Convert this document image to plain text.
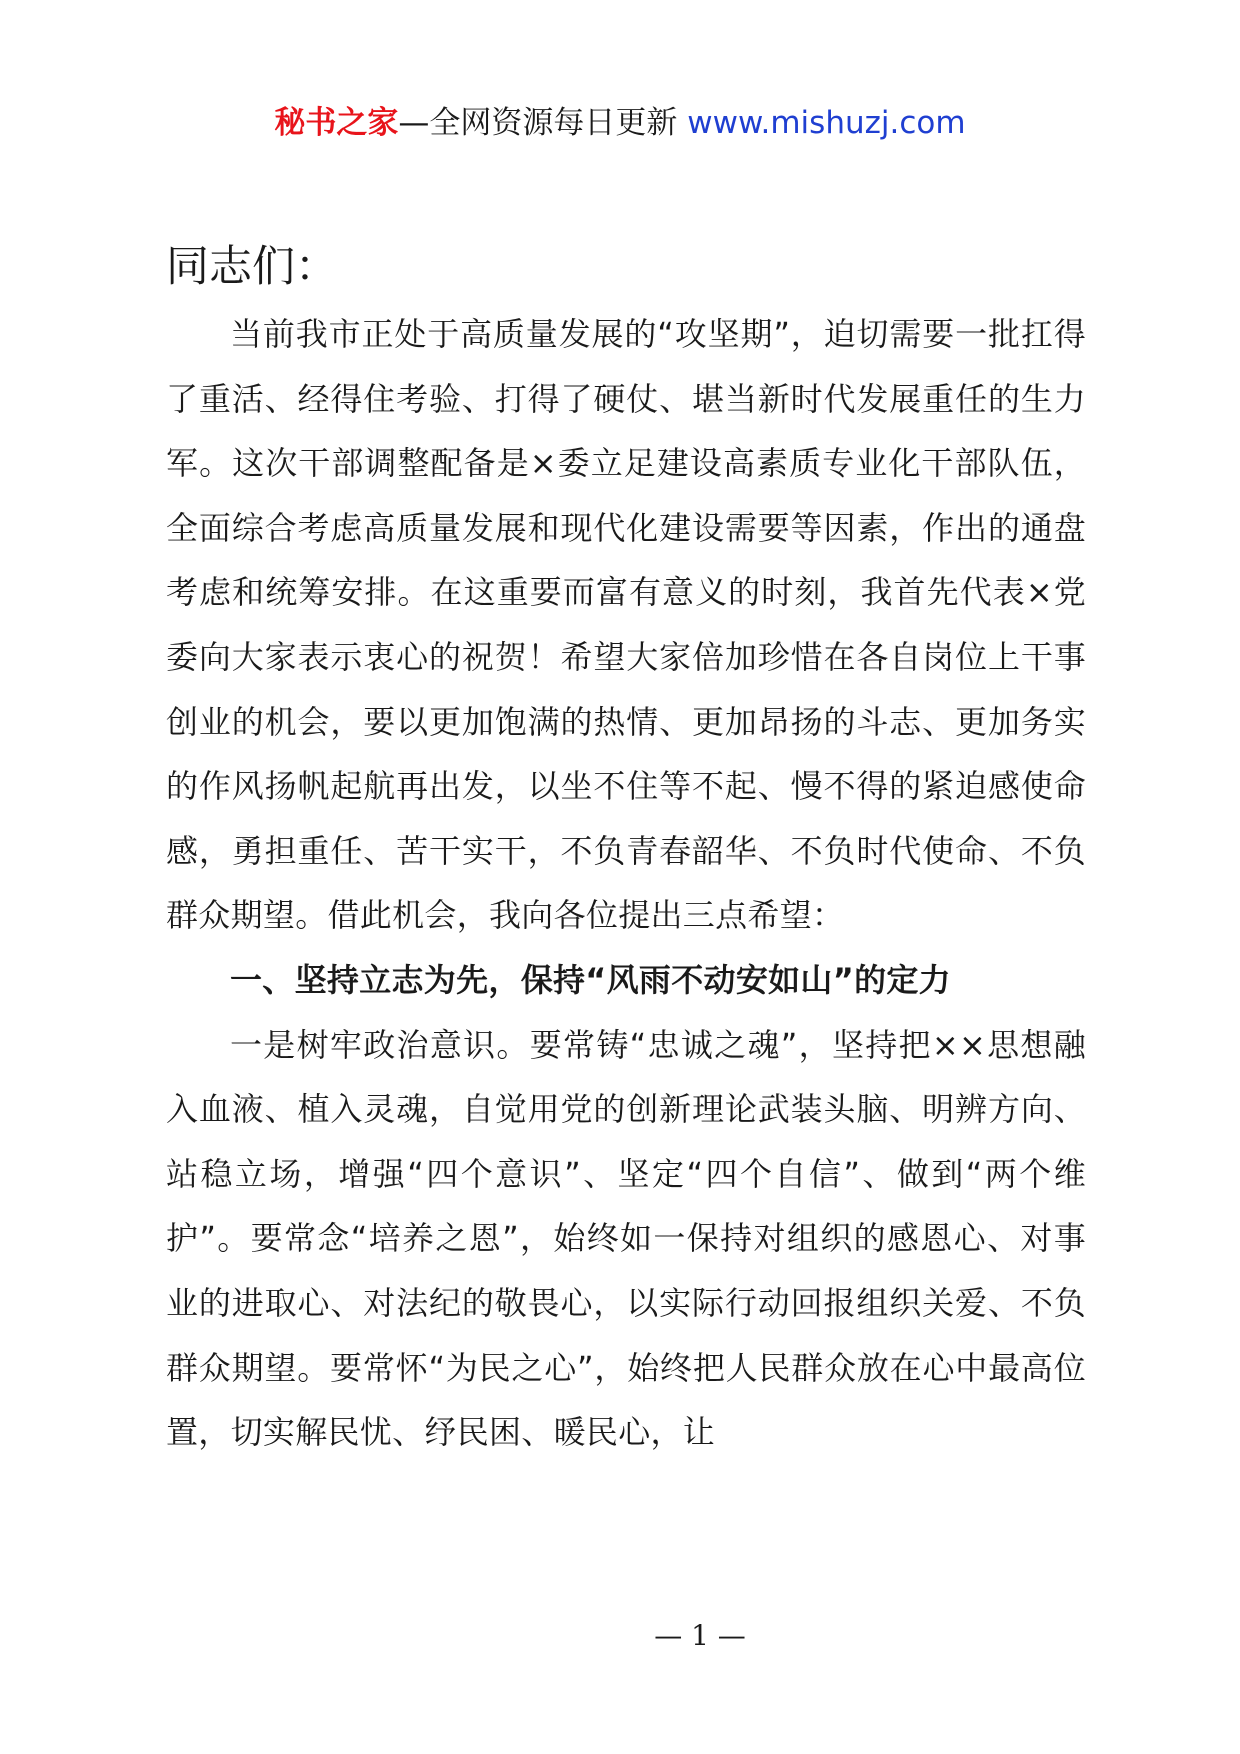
秘书之家—全网资源每日更新 www.mishuzj.com
同志们：

当前我市正处于高质量发展的“攻坚期”，迫切需要一批扛得了重活、经得住考验、打得了硬仗、堪当新时代发展重任的生力军。这次干部调整配备是×委立足建设高素质专业化干部队伍，全面综合考虑高质量发展和现代化建设需要等因素，作出的通盘考虑和统筹安排。在这重要而富有意义的时刻，我首先代表×党委向大家表示衷心的祝贺！希望大家倍加珍惜在各自岗位上干事创业的机会，要以更加饱满的热情、更加昂扬的斗志、更加务实的作风扬帆起航再出发，以坐不住等不起、慢不得的紧迫感使命感，勇担重任、苦干实干，不负青春韶华、不负时代使命、不负群众期望。借此机会，我向各位提出三点希望：

一、坚持立志为先，保持“风雨不动安如山”的定力

一是树牢政治意识。要常铸“忠诚之魂”，坚持把××思想融入血液、植入灵魂，自觉用党的创新理论武装头脑、明辨方向、站稳立场，增强“四个意识”、坚定“四个自信”、做到“两个维护”。要常念“培养之恩”，始终如一保持对组织的感恩心、对事业的进取心、对法纪的敬畏心，以实际行动回报组织关爱、不负群众期望。要常怀“为民之心”，始终把人民群众放在心中最高位置，切实解民忧、纾民困、暖民心，让

— 1 —
